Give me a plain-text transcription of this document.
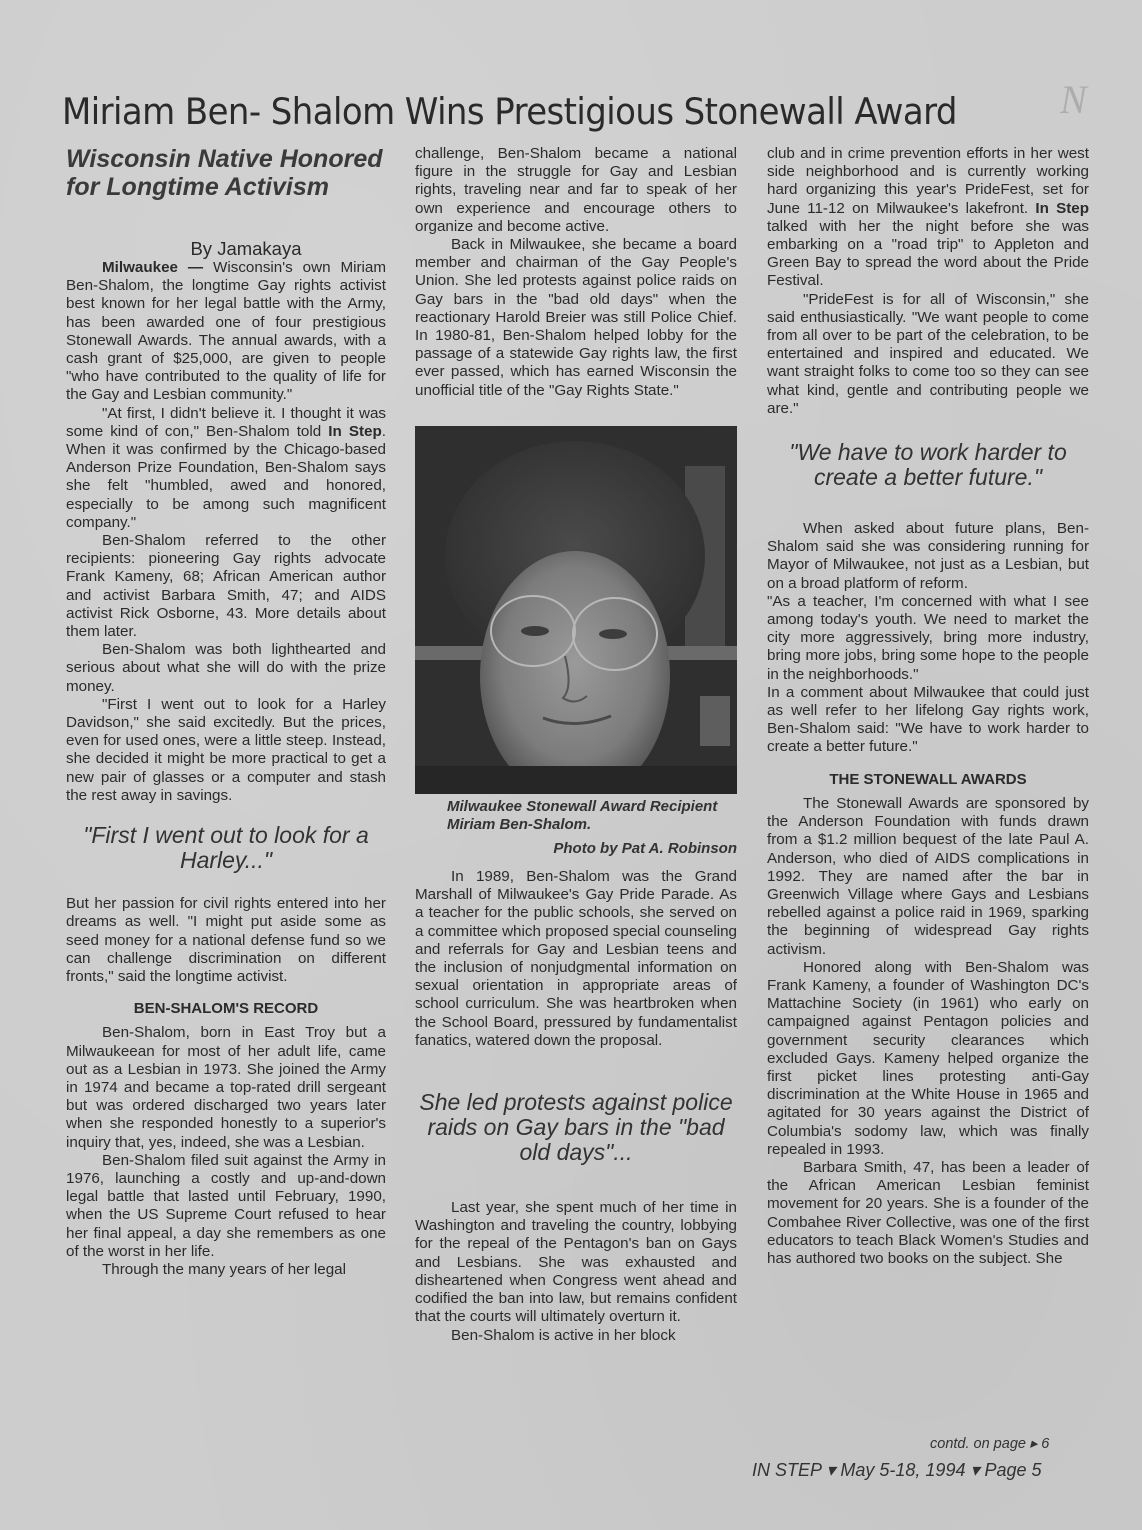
Miriam Ben- Shalom Wins Prestigious Stonewall Award	N
Wisconsin Native Honored for Longtime Activism

By Jamakaya

Milwaukee — Wisconsin's own Miriam Ben-Shalom, the longtime Gay rights activist best known for her legal battle with the Army, has been awarded one of four prestigious Stonewall Awards. The annual awards, with a cash grant of $25,000, are given to people "who have contributed to the quality of life for the Gay and Lesbian community."

"At first, I didn't believe it. I thought it was some kind of con," Ben-Shalom told In Step. When it was confirmed by the Chicago-based Anderson Prize Foundation, Ben-Shalom says she felt "humbled, awed and honored, especially to be among such magnificent company."

Ben-Shalom referred to the other recipients: pioneering Gay rights advocate Frank Kameny, 68; African American author and activist Barbara Smith, 47; and AIDS activist Rick Osborne, 43. More details about them later.

Ben-Shalom was both lighthearted and serious about what she will do with the prize money.

"First I went out to look for a Harley Davidson," she said excitedly. But the prices, even for used ones, were a little steep. Instead, she decided it might be more practical to get a new pair of glasses or a computer and stash the rest away in savings.

"First I went out to look for a Harley..."

But her passion for civil rights entered into her dreams as well. "I might put aside some as seed money for a national defense fund so we can challenge discrimination on different fronts," said the longtime activist.

BEN-SHALOM'S RECORD

Ben-Shalom, born in East Troy but a Milwaukeean for most of her adult life, came out as a Lesbian in 1973. She joined the Army in 1974 and became a top-rated drill sergeant but was ordered discharged two years later when she responded honestly to a superior's inquiry that, yes, indeed, she was a Lesbian.

Ben-Shalom filed suit against the Army in 1976, launching a costly and up-and-down legal battle that lasted until February, 1990, when the US Supreme Court refused to hear her final appeal, a day she remembers as one of the worst in her life.

Through the many years of her legal

challenge, Ben-Shalom became a national figure in the struggle for Gay and Lesbian rights, traveling near and far to speak of her own experience and encourage others to organize and become active.

Back in Milwaukee, she became a board member and chairman of the Gay People's Union. She led protests against police raids on Gay bars in the "bad old days" when the reactionary Harold Breier was still Police Chief. In 1980-81, Ben-Shalom helped lobby for the passage of a statewide Gay rights law, the first ever passed, which has earned Wisconsin the unofficial title of the "Gay Rights State."

Milwaukee Stonewall Award Recipient Miriam Ben-Shalom.
Photo by Pat A. Robinson

In 1989, Ben-Shalom was the Grand Marshall of Milwaukee's Gay Pride Parade. As a teacher for the public schools, she served on a committee which proposed special counseling and referrals for Gay and Lesbian teens and the inclusion of nonjudgmental information on sexual orientation in appropriate areas of school curriculum. She was heartbroken when the School Board, pressured by fundamentalist fanatics, watered down the proposal.

She led protests against police raids on Gay bars in the "bad old days"...

Last year, she spent much of her time in Washington and traveling the country, lobbying for the repeal of the Pentagon's ban on Gays and Lesbians. She was exhausted and disheartened when Congress went ahead and codified the ban into law, but remains confident that the courts will ultimately overturn it.

Ben-Shalom is active in her block

club and in crime prevention efforts in her west side neighborhood and is currently working hard organizing this year's PrideFest, set for June 11-12 on Milwaukee's lakefront. In Step talked with her the night before she was embarking on a "road trip" to Appleton and Green Bay to spread the word about the Pride Festival.

"PrideFest is for all of Wisconsin," she said enthusiastically. "We want people to come from all over to be part of the celebration, to be entertained and inspired and educated. We want straight folks to come too so they can see what kind, gentle and contributing people we are."

"We have to work harder to create a better future."

When asked about future plans, Ben-Shalom said she was considering running for Mayor of Milwaukee, not just as a Lesbian, but on a broad platform of reform.

"As a teacher, I'm concerned with what I see among today's youth. We need to market the city more aggressively, bring more industry, bring more jobs, bring some hope to the people in the neighborhoods."

In a comment about Milwaukee that could just as well refer to her lifelong Gay rights work, Ben-Shalom said: "We have to work harder to create a better future."

THE STONEWALL AWARDS

The Stonewall Awards are sponsored by the Anderson Foundation with funds drawn from a $1.2 million bequest of the late Paul A. Anderson, who died of AIDS complications in 1992. They are named after the bar in Greenwich Village where Gays and Lesbians rebelled against a police raid in 1969, sparking the beginning of widespread Gay rights activism.

Honored along with Ben-Shalom was Frank Kameny, a founder of Washington DC's Mattachine Society (in 1961) who early on campaigned against Pentagon policies and government security clearances which excluded Gays. Kameny helped organize the first picket lines protesting anti-Gay discrimination at the White House in 1965 and agitated for 30 years against the District of Columbia's sodomy law, which was finally repealed in 1993.

Barbara Smith, 47, has been a leader of the African American Lesbian feminist movement for 20 years. She is a founder of the Combahee River Collective, was one of the first educators to teach Black Women's Studies and has authored two books on the subject. She

contd. on page ▸ 6
IN STEP ▾ May 5-18, 1994 ▾ Page 5
